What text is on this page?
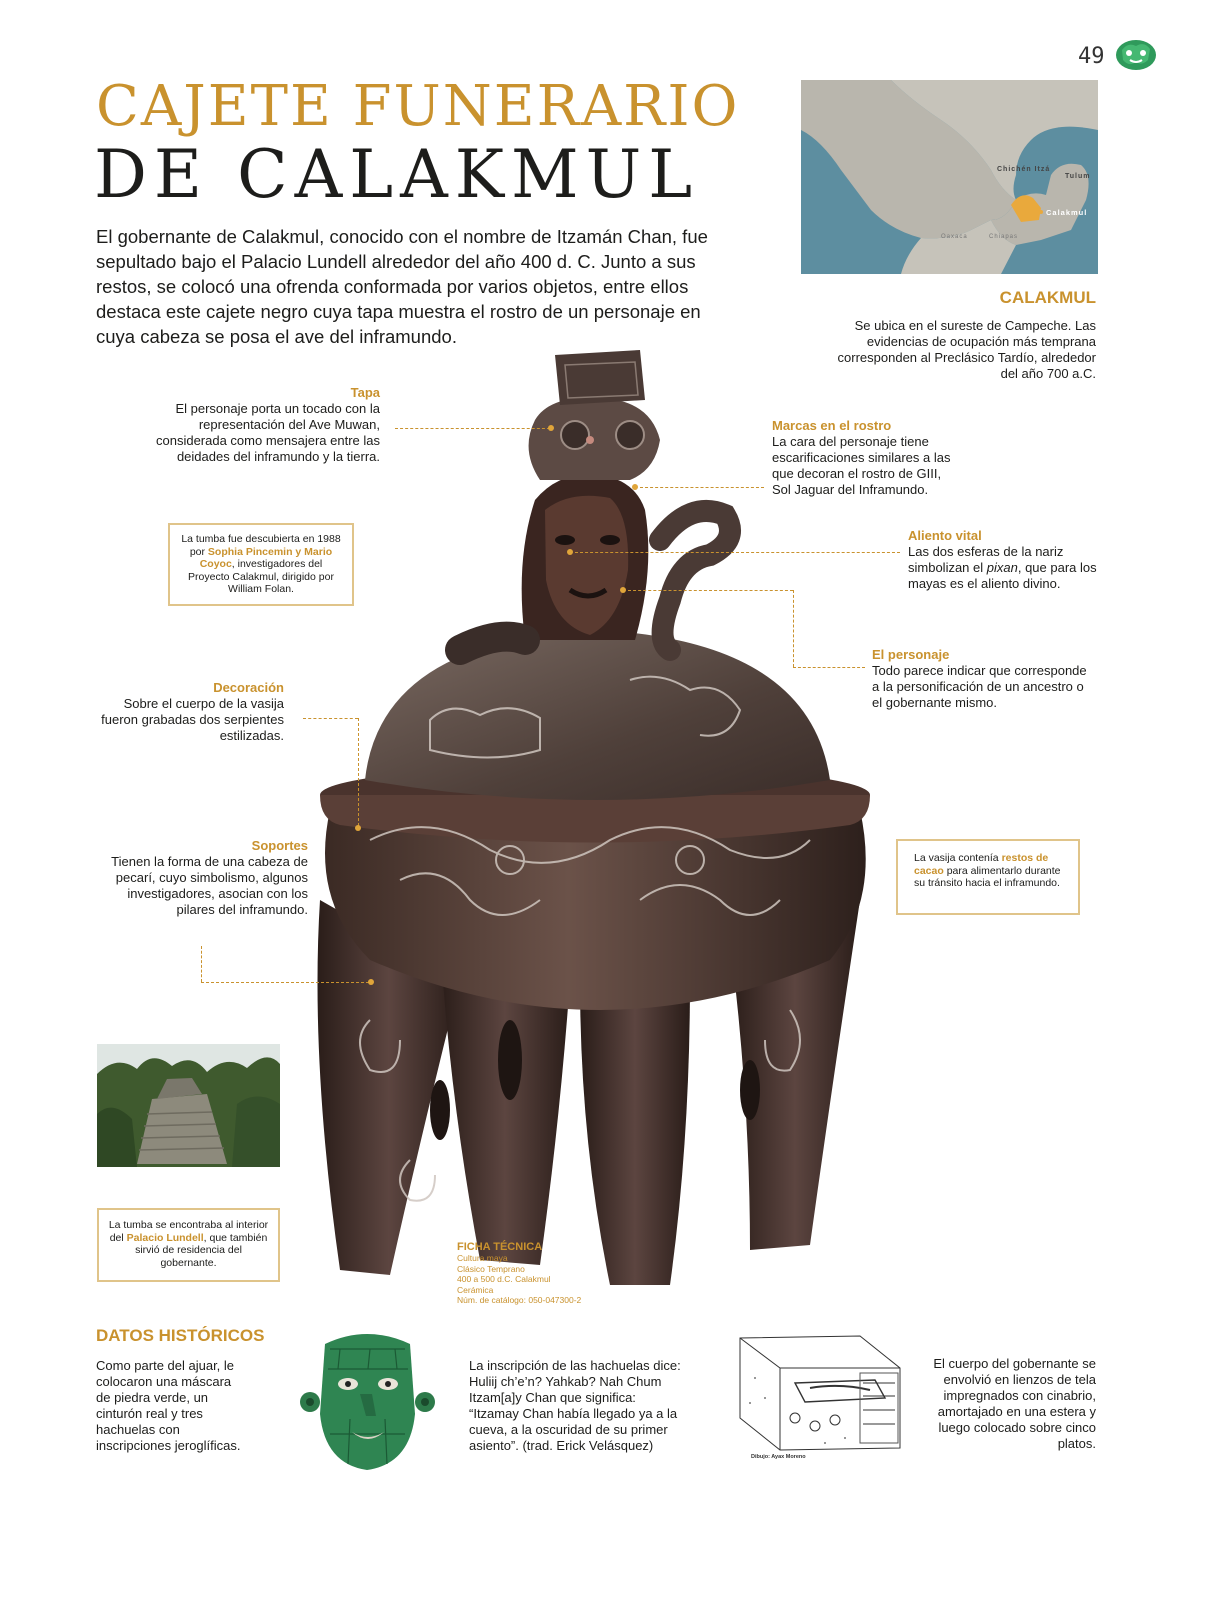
49
CAJETE FUNERARIO
DE CALAKMUL

El gobernante de Calakmul, conocido con el nombre de Itzamán Chan, fue sepultado bajo el Palacio Lundell alrededor del año 400 d. C. Junto a sus restos, se colocó una ofrenda conformada por varios objetos, entre ellos destaca este cajete negro cuya tapa muestra el rostro de un personaje en cuya cabeza se posa el ave del inframundo.

Chichén Itzá
Tulum
Calakmul
Oaxaca	Chiapas
CALAKMUL

Se ubica en el sureste de Campeche. Las evidencias de ocupación más temprana corresponden al Preclásico Tardío, alrededor del año 700 a.C.

Tapa

El personaje porta un tocado con la representación del Ave Muwan, considerada como mensajera entre las deidades del inframundo y la tierra.

Marcas en el rostro

La cara del personaje tiene escarificaciones similares a las que decoran el rostro de GIII, Sol Jaguar del Inframundo.

Aliento vital

Las dos esferas de la nariz simbolizan el pixan, que para los mayas es el aliento divino.

El personaje

Todo parece indicar que corresponde a la personificación de un ancestro o el gobernante mismo.

La tumba fue descubierta en 1988 por Sophia Pincemin y Mario Coyoc, investigadores del Proyecto Calakmul, dirigido por William Folan.
Decoración

Sobre el cuerpo de la vasija fueron grabadas dos serpientes estilizadas.

Soportes

Tienen la forma de una cabeza de pecarí, cuyo simbolismo, algunos investigadores, asocian con los pilares del inframundo.

La vasija contenía restos de cacao para alimentarlo durante su tránsito hacia el inframundo.
La tumba se encontraba al interior del Palacio Lundell, que también sirvió de residencia del gobernante.
FICHA TÉCNICA
Cultura maya
Clásico Temprano
400 a 500 d.C. Calakmul
Cerámica
Núm. de catálogo: 050-047300-2
DATOS HISTÓRICOS

Como parte del ajuar, le colocaron una máscara de piedra verde, un cinturón real y tres hachuelas con inscripciones jeroglíficas.

La inscripción de las hachuelas dice: Huliij ch’e’n? Yahkab? Nah Chum Itzam[a]y Chan que significa: “Itzamay Chan había llegado ya a la cueva, a la oscuridad de su primer asiento”. (trad. Erick Velásquez)

Dibujo: Ayax Moreno

El cuerpo del gobernante se envolvió en lienzos de tela impregnados con cinabrio, amortajado en una estera y luego colocado sobre cinco platos.
